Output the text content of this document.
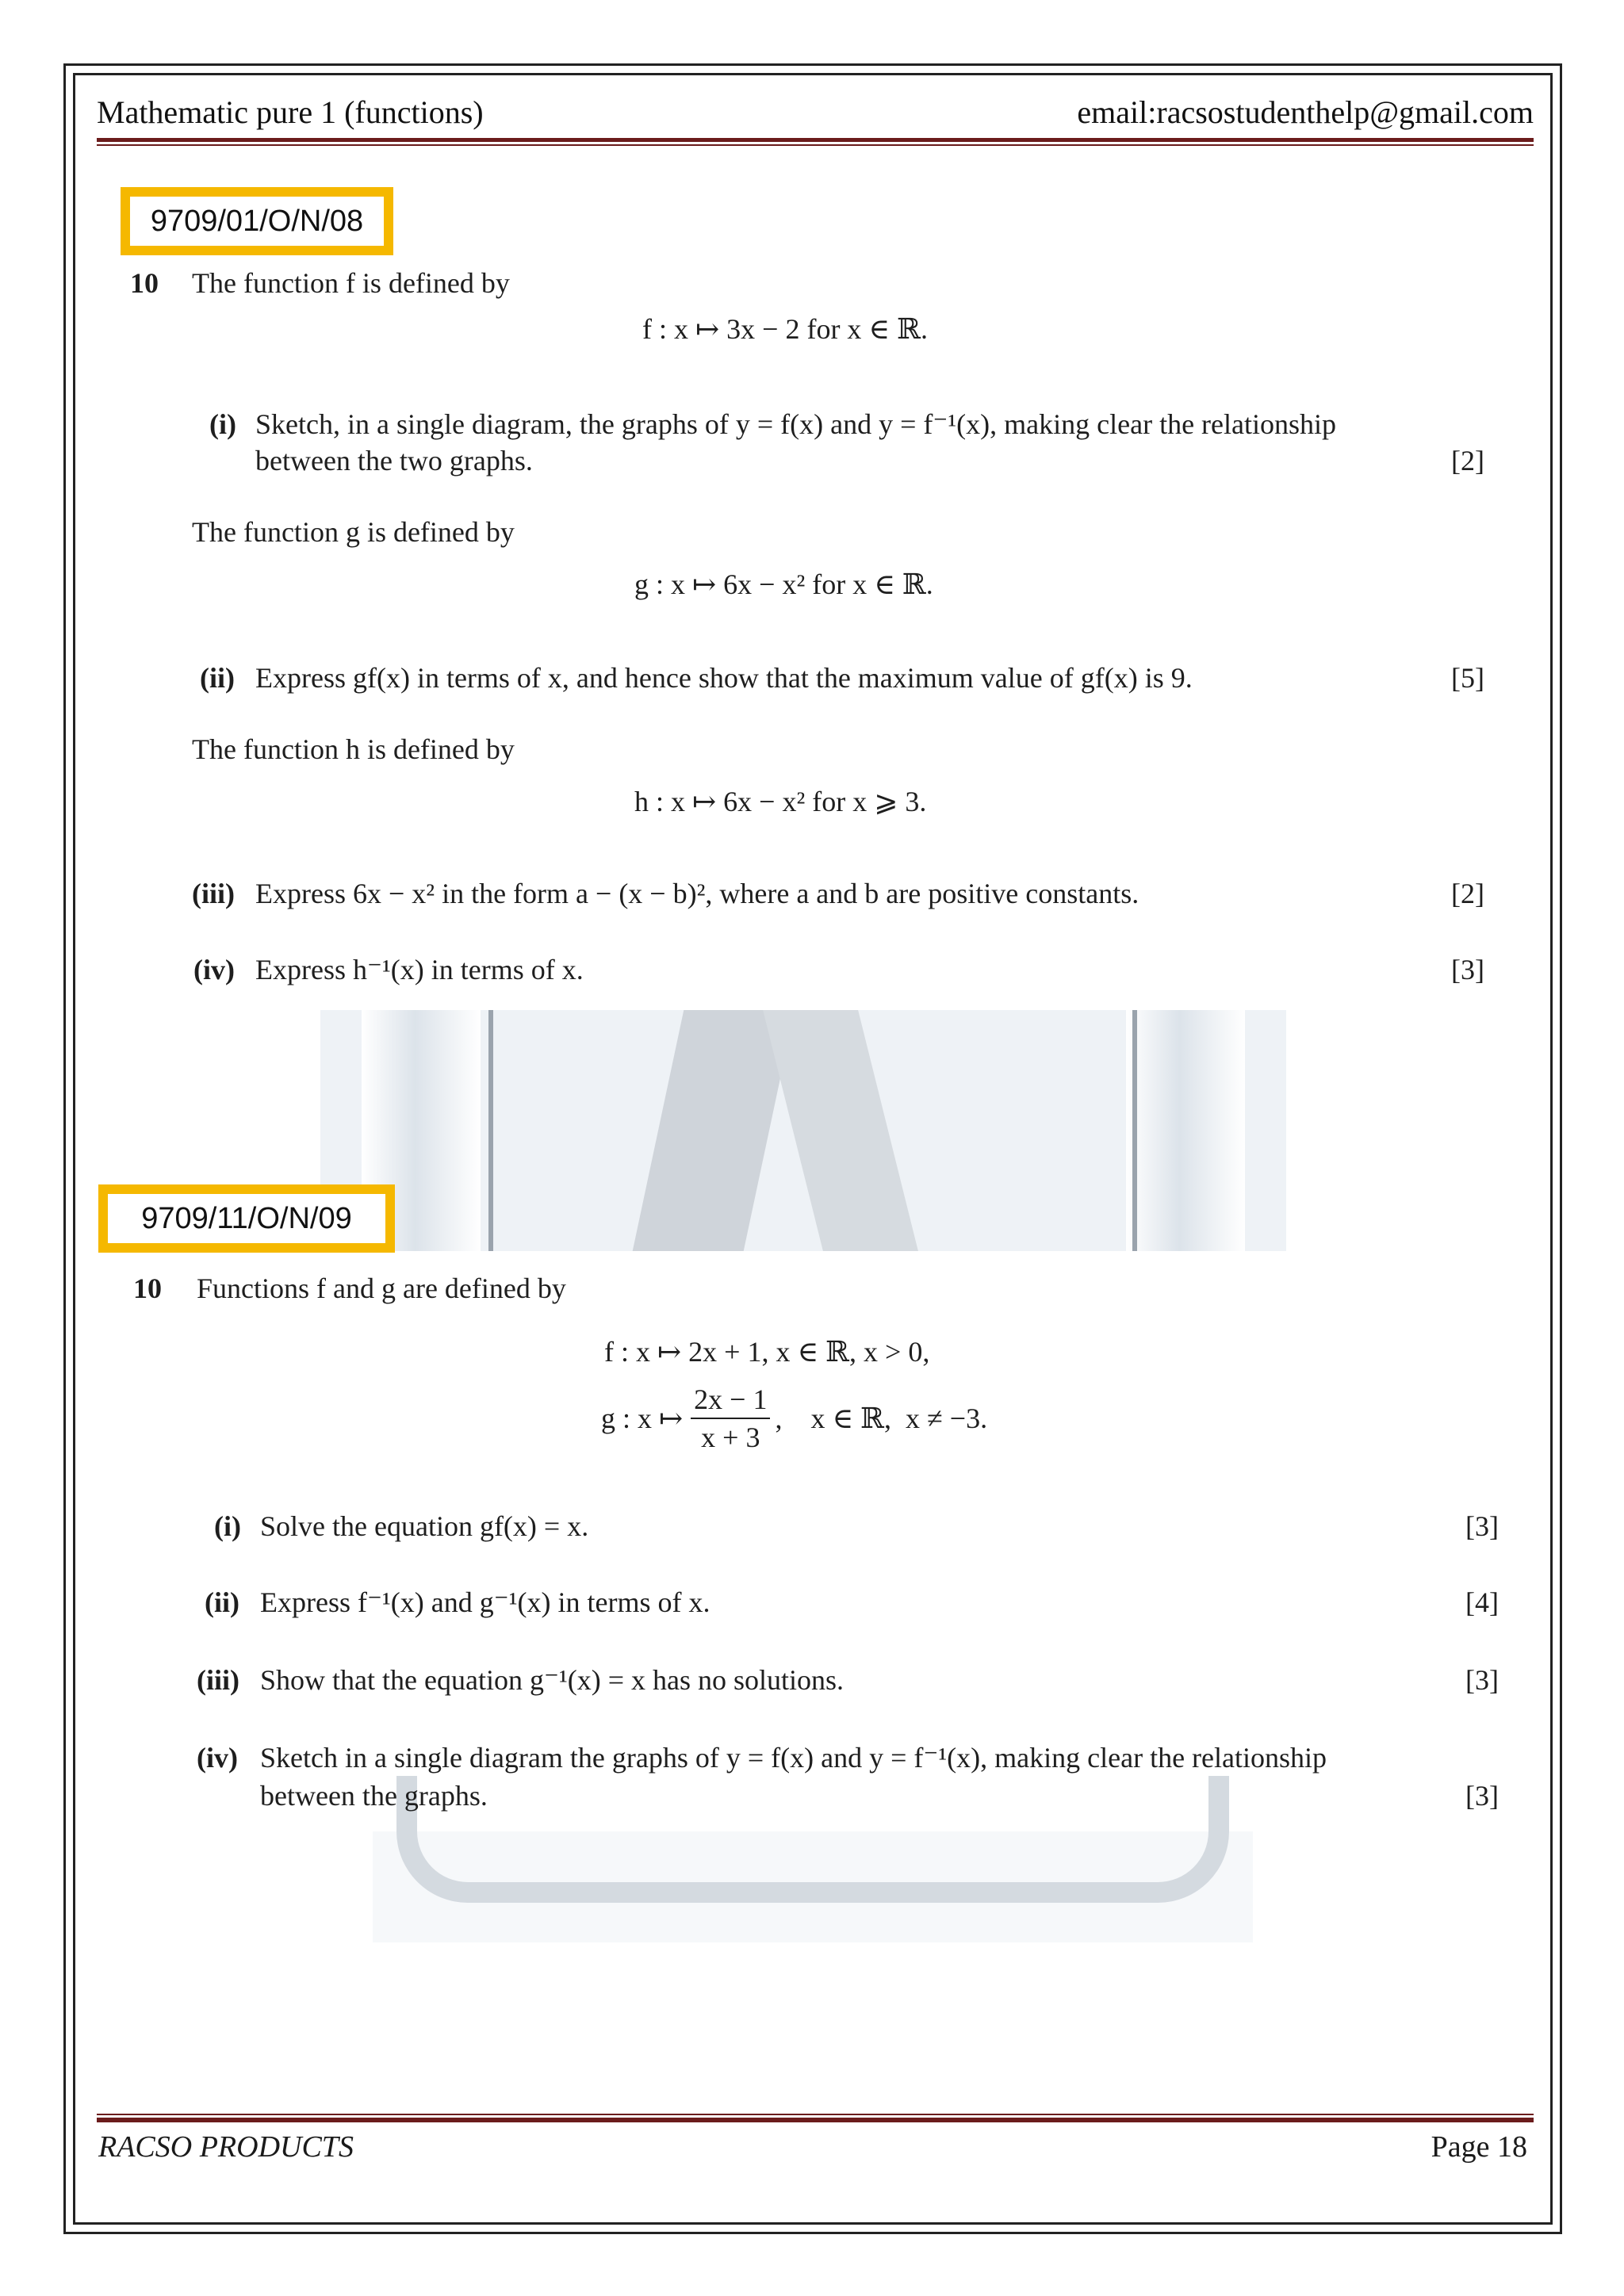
Mathematic pure 1 (functions)	email:racsostudenthelp@gmail.com
9709/01/O/N/08
10 The function f is defined by
f : x ↦ 3x − 2 for x ∈ ℝ.
(i) Sketch, in a single diagram, the graphs of y = f(x) and y = f⁻¹(x), making clear the relationship
between the two graphs.	[2]
The function g is defined by
g : x ↦ 6x − x² for x ∈ ℝ.
(ii) Express gf(x) in terms of x, and hence show that the maximum value of gf(x) is 9.	[5]
The function h is defined by
h : x ↦ 6x − x² for x ⩾ 3.
(iii) Express 6x − x² in the form a − (x − b)², where a and b are positive constants.	[2]
(iv) Express h⁻¹(x) in terms of x.	[3]
9709/11/O/N/09
10 Functions f and g are defined by
f : x ↦ 2x + 1, x ∈ ℝ, x > 0,
g : x ↦ $\frac{2x - 1}{x + 3}$ ,    x ∈ ℝ,  x ≠ −3.
(i) Solve the equation gf(x) = x.	[3]
(ii) Express f⁻¹(x) and g⁻¹(x) in terms of x.	[4]
(iii) Show that the equation g⁻¹(x) = x has no solutions.	[3]
(iv) Sketch in a single diagram the graphs of y = f(x) and y = f⁻¹(x), making clear the relationship
between the graphs.	[3]
RACSO PRODUCTS	Page 18
